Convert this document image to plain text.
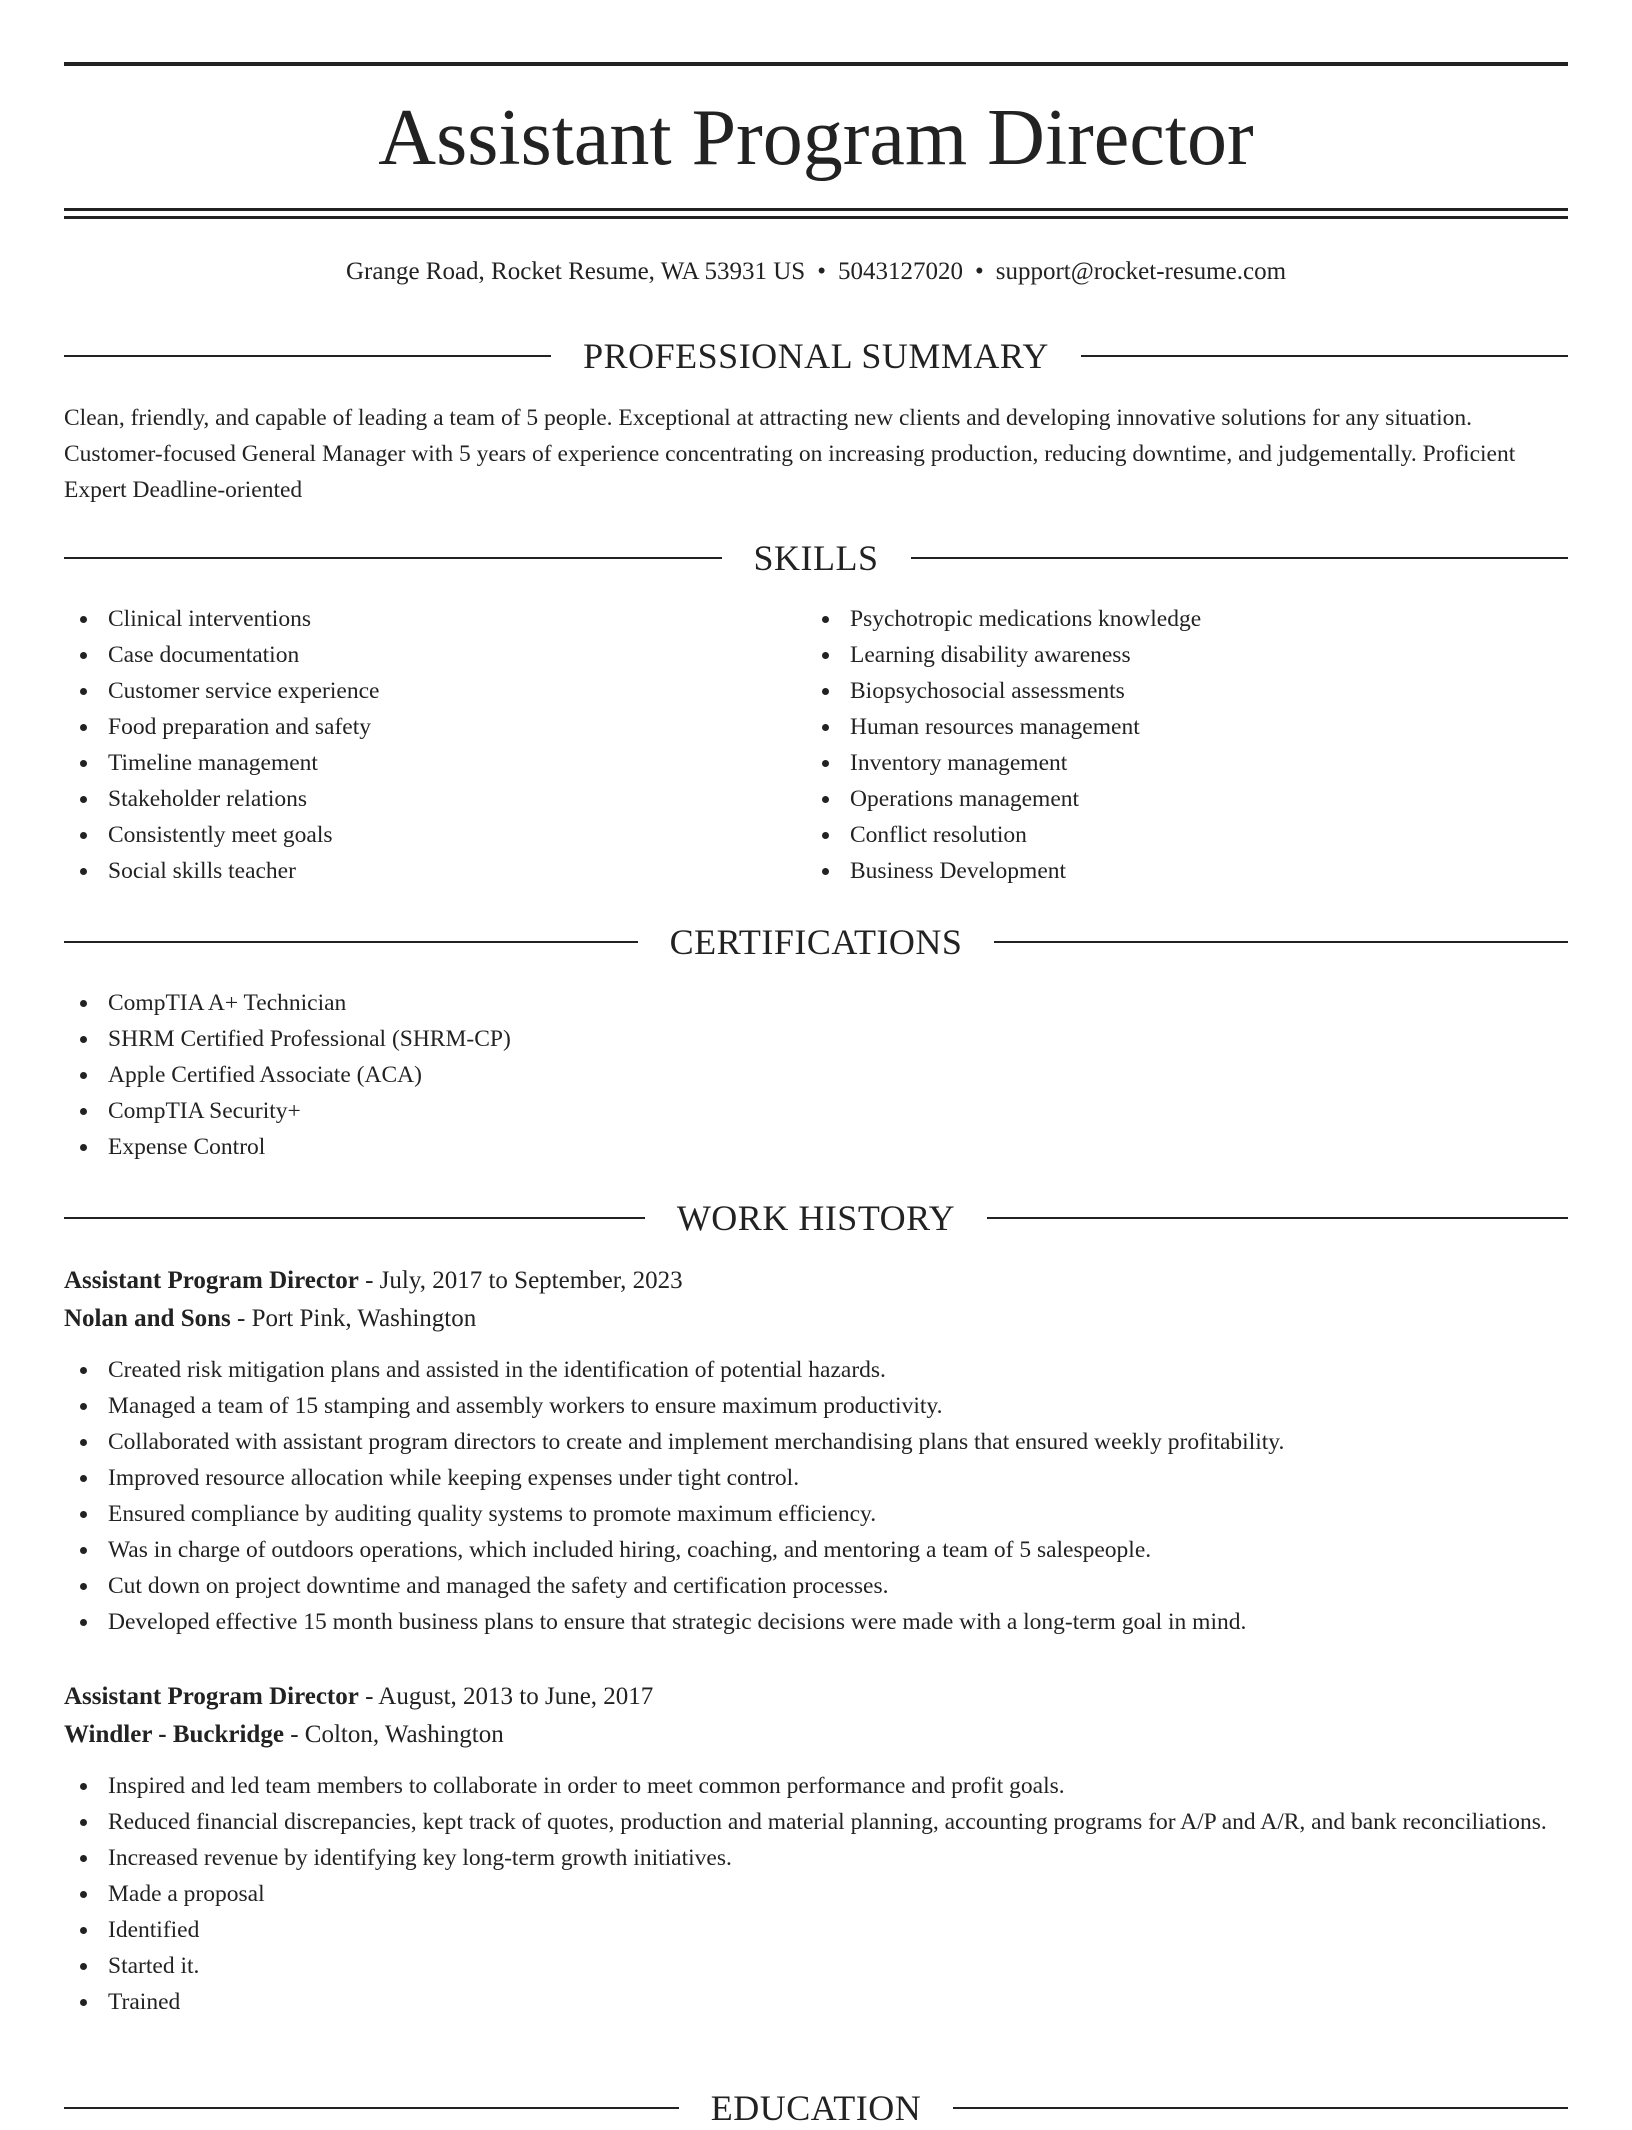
Assistant Program Director
Grange Road, Rocket Resume, WA 53931 US • 5043127020 • support@rocket-resume.com
PROFESSIONAL SUMMARY

Clean, friendly, and capable of leading a team of 5 people. Exceptional at attracting new clients and developing innovative solutions for any situation. Customer-focused General Manager with 5 years of experience concentrating on increasing production, reducing downtime, and judgementally. Proficient Expert Deadline-oriented

SKILLS
Clinical interventions
Case documentation
Customer service experience
Food preparation and safety
Timeline management
Stakeholder relations
Consistently meet goals
Social skills teacher
Psychotropic medications knowledge
Learning disability awareness
Biopsychosocial assessments
Human resources management
Inventory management
Operations management
Conflict resolution
Business Development
CERTIFICATIONS
CompTIA A+ Technician
SHRM Certified Professional (SHRM-CP)
Apple Certified Associate (ACA)
CompTIA Security+
Expense Control
WORK HISTORY
Assistant Program Director - July, 2017 to September, 2023
Nolan and Sons - Port Pink, Washington
Created risk mitigation plans and assisted in the identification of potential hazards.
Managed a team of 15 stamping and assembly workers to ensure maximum productivity.
Collaborated with assistant program directors to create and implement merchandising plans that ensured weekly profitability.
Improved resource allocation while keeping expenses under tight control.
Ensured compliance by auditing quality systems to promote maximum efficiency.
Was in charge of outdoors operations, which included hiring, coaching, and mentoring a team of 5 salespeople.
Cut down on project downtime and managed the safety and certification processes.
Developed effective 15 month business plans to ensure that strategic decisions were made with a long-term goal in mind.
Assistant Program Director - August, 2013 to June, 2017
Windler - Buckridge - Colton, Washington
Inspired and led team members to collaborate in order to meet common performance and profit goals.
Reduced financial discrepancies, kept track of quotes, production and material planning, accounting programs for A/P and A/R, and bank reconciliations.
Increased revenue by identifying key long-term growth initiatives.
Made a proposal
Identified
Started it.
Trained
EDUCATION
